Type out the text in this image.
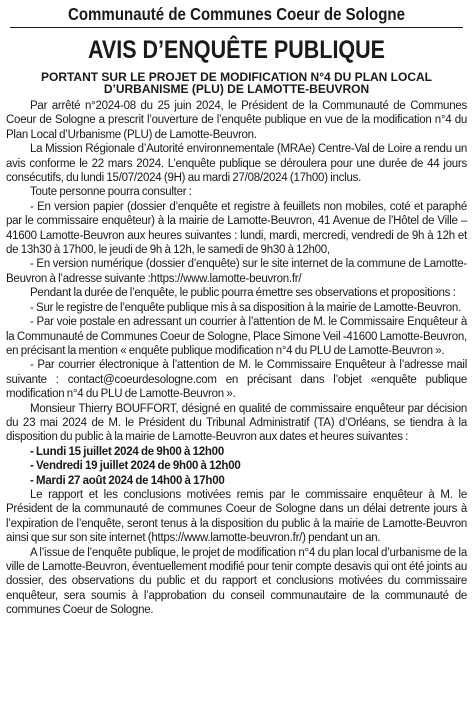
Communauté de Communes Coeur de Sologne
AVIS D’ENQUÊTE PUBLIQUE
PORTANT SUR LE PROJET DE MODIFICATION N°4 DU PLAN LOCAL D’URBANISME (PLU) DE LAMOTTE-BEUVRON

Par arrêté n°2024-08 du 25 juin 2024, le Président de la Communauté de Communes Coeur de Sologne a prescrit l’ouverture de l’enquête publique en vue de la modification n°4 du Plan Local d’Urbanisme (PLU) de Lamotte-Beuvron.

La Mission Régionale d’Autorité environnementale (MRAe) Centre-Val de Loire a rendu un avis conforme le 22 mars 2024. L’enquête publique se déroulera pour une durée de 44 jours consécutifs, du lundi 15/07/2024 (9H) au mardi 27/08/2024 (17h00) inclus.

Toute personne pourra consulter :

- En version papier (dossier d’enquête et registre à feuillets non mobiles, coté et paraphé par le commissaire enquêteur) à la mairie de Lamotte-Beuvron, 41 Avenue de l’Hôtel de Ville – 41600 Lamotte-Beuvron aux heures suivantes : lundi, mardi, mercredi, vendredi de 9h à 12h et de 13h30 à 17h00, le jeudi de 9h à 12h, le samedi de 9h30 à 12h00,

- En version numérique (dossier d’enquête) sur le site internet de la commune de Lamotte-Beuvron à l’adresse suivante :https://www.lamotte-beuvron.fr/

Pendant la durée de l’enquête, le public pourra émettre ses observations et propositions :

- Sur le registre de l’enquête publique mis à sa disposition à la mairie de Lamotte-Beuvron.

- Par voie postale en adressant un courrier à l’attention de M. le Commissaire Enquêteur à la Communauté de Communes Coeur de Sologne, Place Simone Veil -41600 Lamotte-Beuvron, en précisant la mention « enquête publique modification n°4 du PLU de Lamotte-Beuvron ».

- Par courrier électronique à l’attention de M. le Commissaire Enquêteur à l’adresse mail suivante : contact@coeurdesologne.com en précisant dans l’objet «enquête publique modification n°4 du PLU de Lamotte-Beuvron ».

Monsieur Thierry BOUFFORT, désigné en qualité de commissaire enquêteur par décision du 23 mai 2024 de M. le Président du Tribunal Administratif (TA) d’Orléans, se tiendra à la disposition du public à la mairie de Lamotte-Beuvron aux dates et heures suivantes :

- Lundi 15 juillet 2024 de 9h00 à 12h00
- Vendredi 19 juillet 2024 de 9h00 à 12h00
- Mardi 27 août 2024 de 14h00 à 17h00

Le rapport et les conclusions motivées remis par le commissaire enquêteur à M. le Président de la communauté de communes Coeur de Sologne dans un délai detrente jours à l’expiration de l’enquête, seront tenus à la disposition du public à la mairie de Lamotte-Beuvron ainsi que sur son site internet (https://www.lamotte-beuvron.fr/) pendant un an.

A l’issue de l’enquête publique, le projet de modification n°4 du plan local d’urbanisme de la ville de Lamotte-Beuvron, éventuellement modifié pour tenir compte desavis qui ont été joints au dossier, des observations du public et du rapport et conclusions motivées du commissaire enquêteur, sera soumis à l’approbation du conseil communautaire de la communauté de communes Coeur de Sologne.
